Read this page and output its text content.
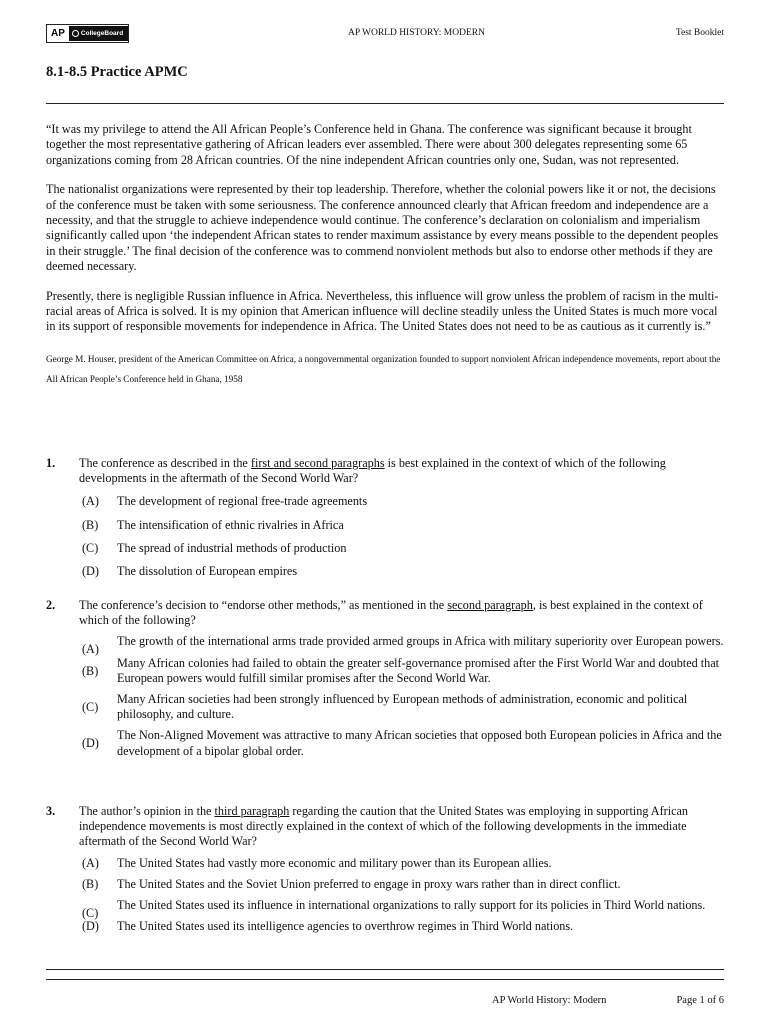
AP	CollegeBoard	AP WORLD HISTORY: MODERN	Test Booklet
8.1-8.5 Practice APMC

“It was my privilege to attend the All African People’s Conference held in Ghana. The conference was significant because it brought together the most representative gathering of African leaders ever assembled. There were about 300 delegates representing some 65 organizations coming from 28 African countries. Of the nine independent African countries only one, Sudan, was not represented.

The nationalist organizations were represented by their top leadership. Therefore, whether the colonial powers like it or not, the decisions of the conference must be taken with some seriousness. The conference announced clearly that African freedom and independence are a necessity, and that the struggle to achieve independence would continue. The conference’s declaration on colonialism and imperialism significantly called upon ‘the independent African states to render maximum assistance by every means possible to the dependent peoples in their struggle.’ The final decision of the conference was to commend nonviolent methods but also to endorse other methods if they are deemed necessary.

Presently, there is negligible Russian influence in Africa. Nevertheless, this influence will grow unless the problem of racism in the multi-racial areas of Africa is solved. It is my opinion that American influence will decline steadily unless the United States is much more vocal in its support of responsible movements for independence in Africa. The United States does not need to be as cautious as it currently is.”

George M. Houser, president of the American Committee on Africa, a nongovernmental organization founded to support nonviolent African independence movements, report about the All African People’s Conference held in Ghana, 1958

1. The conference as described in the first and second paragraphs is best explained in the context of which of the following developments in the aftermath of the Second World War?
(A)	The development of regional free-trade agreements
(B)	The intensification of ethnic rivalries in Africa
(C)	The spread of industrial methods of production
(D)	The dissolution of European empires
2. The conference’s decision to “endorse other methods,” as mentioned in the second paragraph, is best explained in the context of which of the following?
(A)
The growth of the international arms trade provided armed groups in Africa with military superiority over European powers.
(B)
Many African colonies had failed to obtain the greater self-governance promised after the First World War and doubted that European powers would fulfill similar promises after the Second World War.
(C)
Many African societies had been strongly influenced by European methods of administration, economic and political philosophy, and culture.
(D)
The Non-Aligned Movement was attractive to many African societies that opposed both European policies in Africa and the development of a bipolar global order.
3. The author’s opinion in the third paragraph regarding the caution that the United States was employing in supporting African independence movements is most directly explained in the context of which of the following developments in the immediate aftermath of the Second World War?
(A)	The United States had vastly more economic and military power than its European allies.
(B)	The United States and the Soviet Union preferred to engage in proxy wars rather than in direct conflict.
(C)
The United States used its influence in international organizations to rally support for its policies in Third World nations.
(D)	The United States used its intelligence agencies to overthrow regimes in Third World nations.
AP World History: Modern	Page 1 of 6
